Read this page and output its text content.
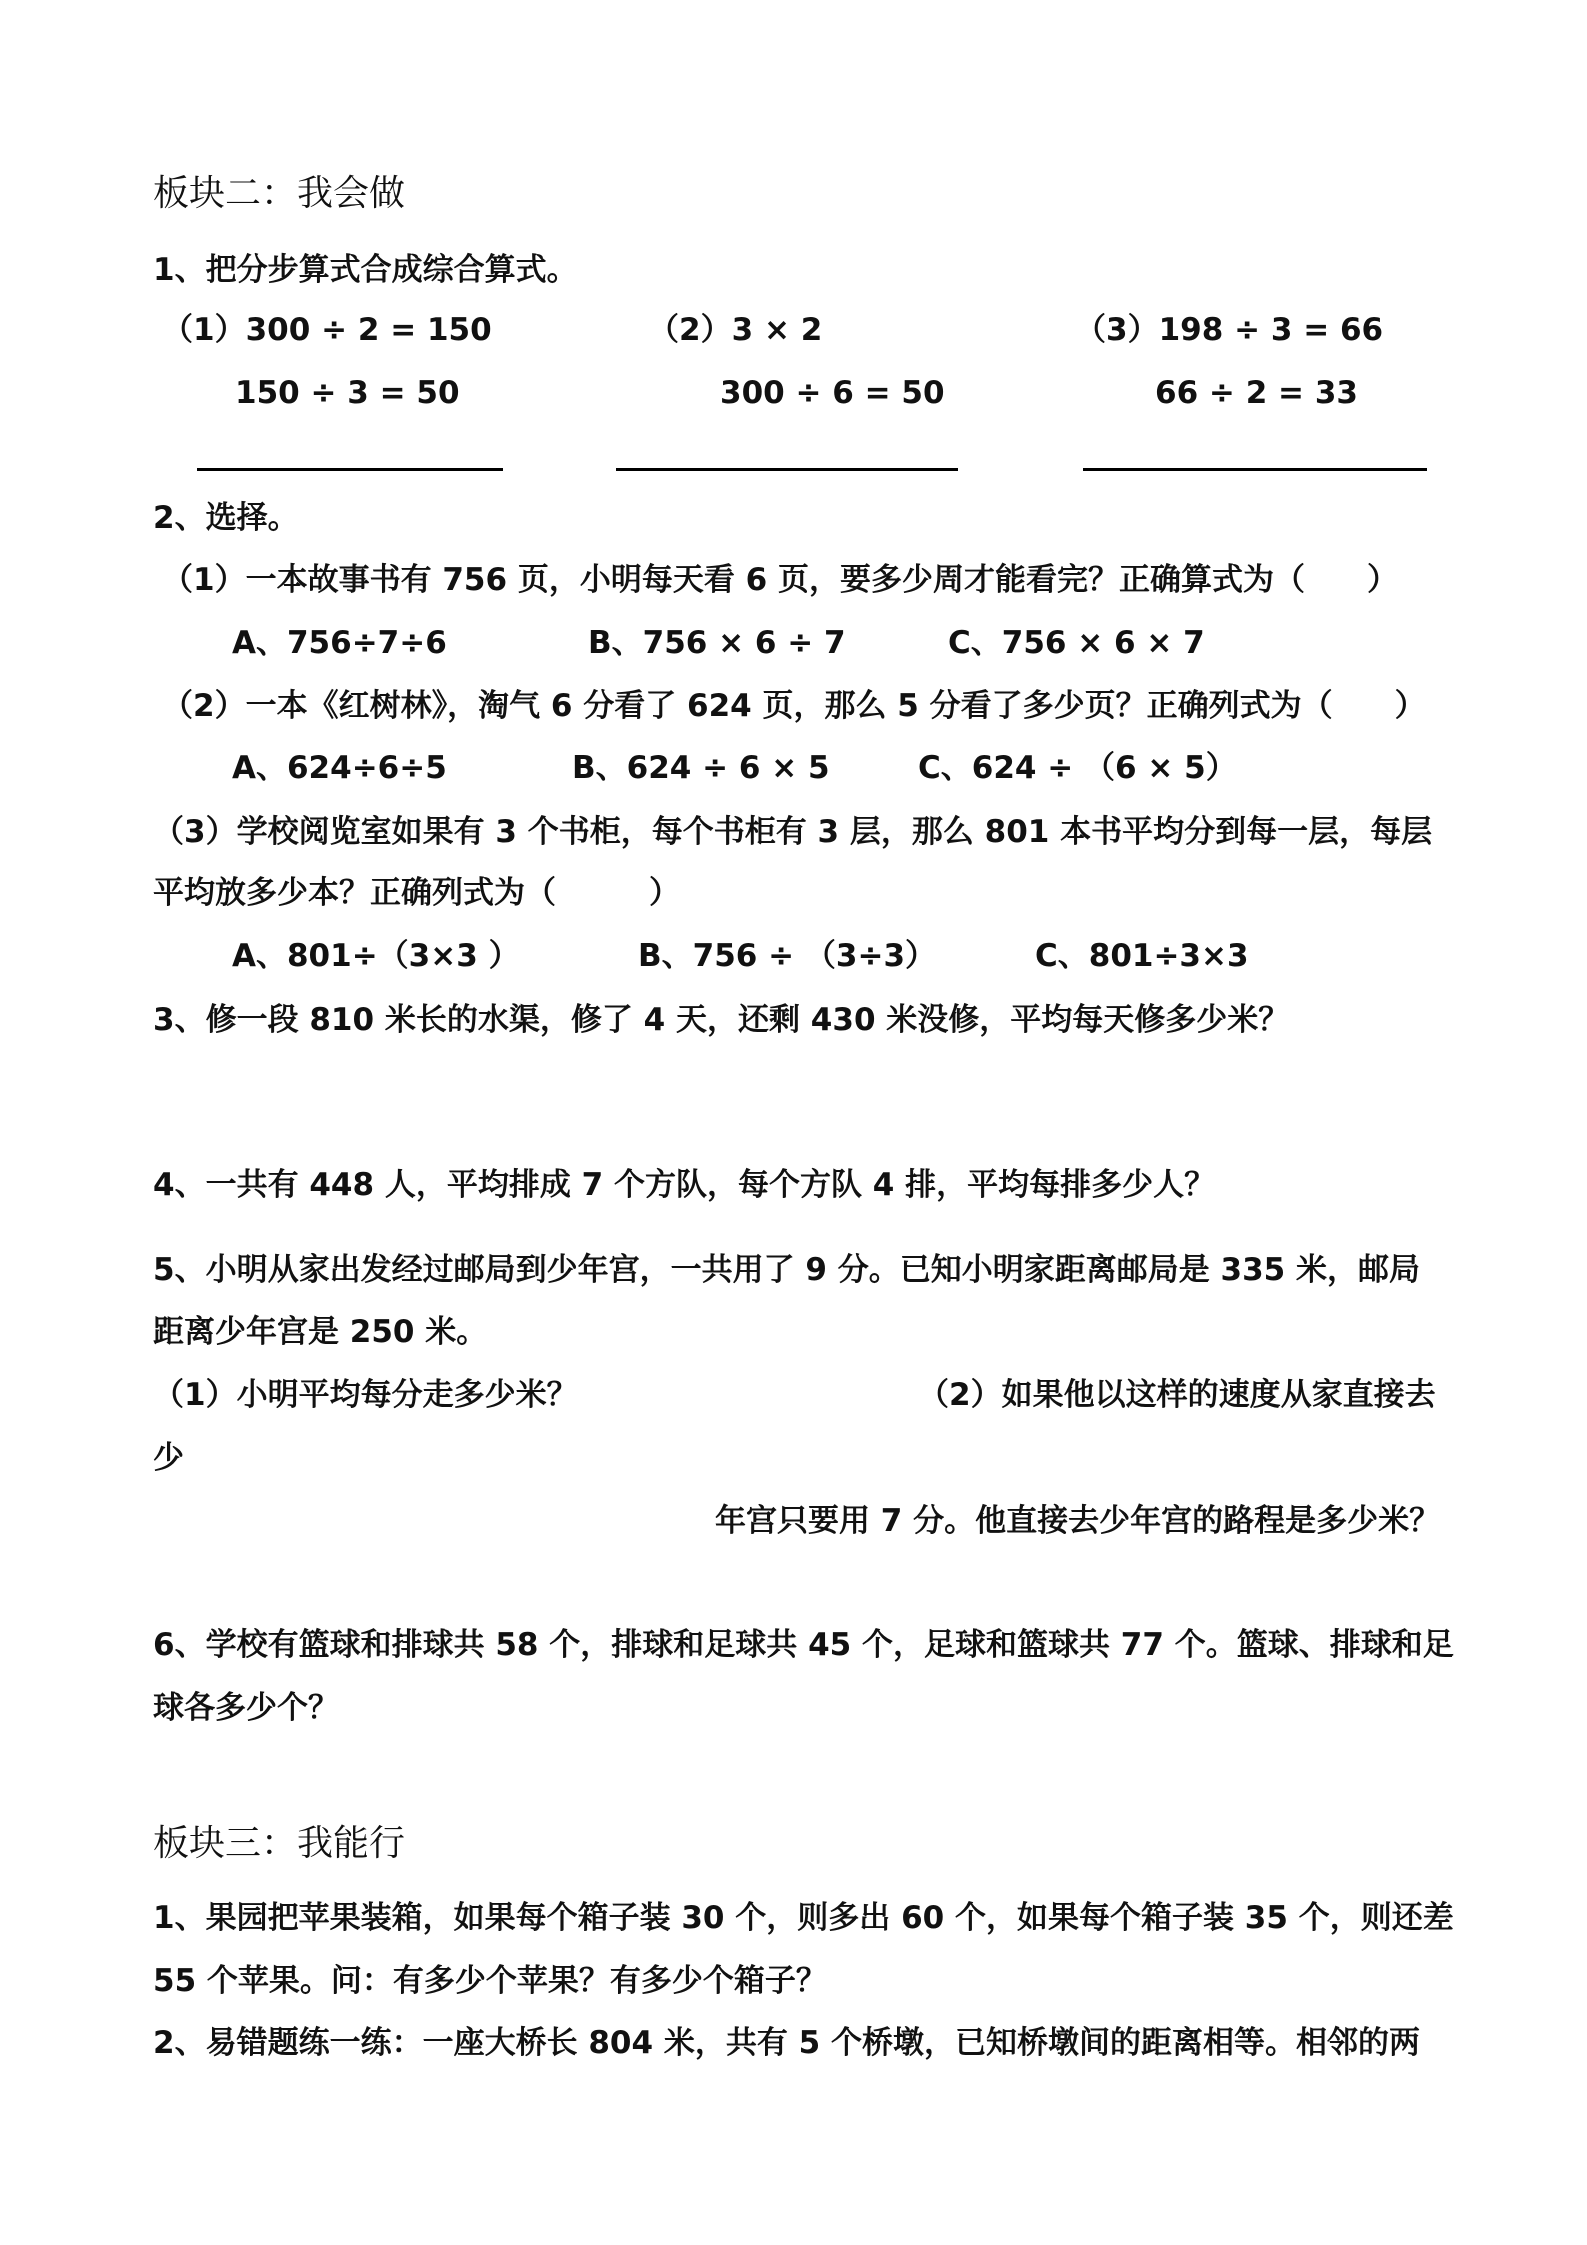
板块二：我会做
1、把分步算式合成综合算式。
（1）300 ÷ 2 = 150
150 ÷ 3 = 50
（2）3 × 2
300 ÷ 6 = 50
（3）198 ÷ 3 = 66
66 ÷ 2 = 33
2、选择。
（1）一本故事书有 756 页，小明每天看 6 页，要多少周才能看完？正确算式为（　　）
A、756÷7÷6	B、756 × 6 ÷ 7	C、756 × 6 × 7
（2）一本《红树林》，淘气 6 分看了 624 页，那么 5 分看了多少页？正确列式为（　　）
A、624÷6÷5	B、624 ÷ 6 × 5	C、624 ÷ （6 × 5）
（3）学校阅览室如果有 3 个书柜，每个书柜有 3 层，那么 801 本书平均分到每一层，每层
平均放多少本？正确列式为（　　　）
A、801÷（3×3 ）	B、756 ÷ （3÷3）	C、801÷3×3
3、修一段 810 米长的水渠，修了 4 天，还剩 430 米没修，平均每天修多少米？
4、一共有 448 人，平均排成 7 个方队，每个方队 4 排，平均每排多少人？
5、小明从家出发经过邮局到少年宫，一共用了 9 分。已知小明家距离邮局是 335 米，邮局
距离少年宫是 250 米。
（1）小明平均每分走多少米？	（2）如果他以这样的速度从家直接去
少
年宫只要用 7 分。他直接去少年宫的路程是多少米？
6、学校有篮球和排球共 58 个，排球和足球共 45 个，足球和篮球共 77 个。篮球、排球和足
球各多少个？
板块三：我能行
1、果园把苹果装箱，如果每个箱子装 30 个，则多出 60 个，如果每个箱子装 35 个，则还差
55 个苹果。问：有多少个苹果？有多少个箱子？
2、易错题练一练：一座大桥长 804 米，共有 5 个桥墩，已知桥墩间的距离相等。相邻的两
